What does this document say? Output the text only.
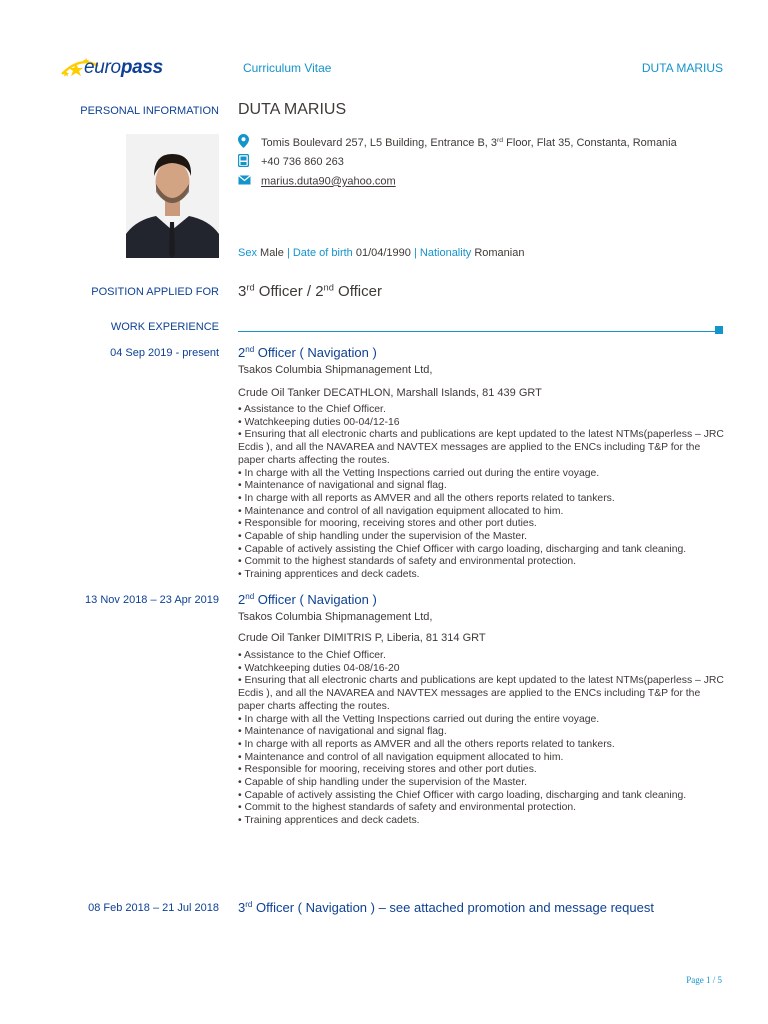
europass	Curriculum Vitae	DUTA MARIUS
PERSONAL INFORMATION DUTA MARIUS
Tomis Boulevard 257, L5 Building, Entrance B, 3rd Floor, Flat 35, Constanta, Romania
+40 736 860 263
marius.duta90@yahoo.com
Sex Male | Date of birth 01/04/1990 | Nationality Romanian
POSITION APPLIED FOR 3rd Officer / 2nd Officer
WORK EXPERIENCE
04 Sep 2019 - present 2nd Officer ( Navigation )
Tsakos Columbia Shipmanagement Ltd,
Crude Oil Tanker DECATHLON, Marshall Islands, 81 439 GRT
• Assistance to the Chief Officer.
• Watchkeeping duties 00-04/12-16
• Ensuring that all electronic charts and publications are kept updated to the latest NTMs(paperless – JRC Ecdis ), and all the NAVAREA and NAVTEX messages are applied to the ENCs including T&P for the paper charts affecting the routes.
• In charge with all the Vetting Inspections carried out during the entire voyage.
• Maintenance of navigational and signal flag.
• In charge with all reports as AMVER and all the others reports related to tankers.
• Maintenance and control of all navigation equipment allocated to him.
• Responsible for mooring, receiving stores and other port duties.
• Capable of ship handling under the supervision of the Master.
• Capable of actively assisting the Chief Officer with cargo loading, discharging and tank cleaning.
• Commit to the highest standards of safety and environmental protection.
• Training apprentices and deck cadets.
13 Nov 2018 – 23 Apr 2019 2nd Officer ( Navigation )
Tsakos Columbia Shipmanagement Ltd,
Crude Oil Tanker DIMITRIS P, Liberia, 81 314 GRT
• Assistance to the Chief Officer.
• Watchkeeping duties 04-08/16-20
• Ensuring that all electronic charts and publications are kept updated to the latest NTMs(paperless – JRC Ecdis ), and all the NAVAREA and NAVTEX messages are applied to the ENCs including T&P for the paper charts affecting the routes.
• In charge with all the Vetting Inspections carried out during the entire voyage.
• Maintenance of navigational and signal flag.
• In charge with all reports as AMVER and all the others reports related to tankers.
• Maintenance and control of all navigation equipment allocated to him.
• Responsible for mooring, receiving stores and other port duties.
• Capable of ship handling under the supervision of the Master.
• Capable of actively assisting the Chief Officer with cargo loading, discharging and tank cleaning.
• Commit to the highest standards of safety and environmental protection.
• Training apprentices and deck cadets.
08 Feb 2018 – 21 Jul 2018 3rd Officer ( Navigation ) – see attached promotion and message request
Page 1 / 5
